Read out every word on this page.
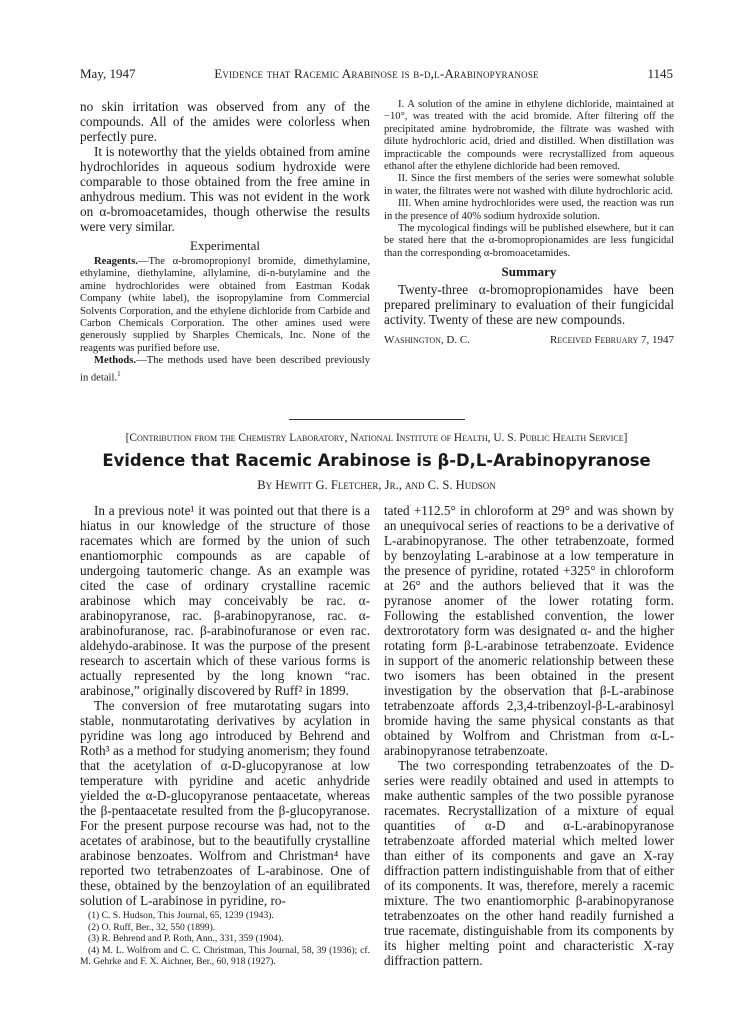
May, 1947	Evidence that Racemic Arabinose is β-d,l-Arabinopyranose	1145

no skin irritation was observed from any of the compounds. All of the amides were colorless when perfectly pure.

It is noteworthy that the yields obtained from amine hydrochlorides in aqueous sodium hydroxide were comparable to those obtained from the free amine in anhydrous medium. This was not evident in the work on α-bromoacetamides, though otherwise the results were very similar.

Experimental

Reagents.—The α-bromopropionyl bromide, dimethylamine, ethylamine, diethylamine, allylamine, di-n-butylamine and the amine hydrochlorides were obtained from Eastman Kodak Company (white label), the isopropylamine from Commercial Solvents Corporation, and the ethylene dichloride from Carbide and Carbon Chemicals Corporation. The other amines used were generously supplied by Sharples Chemicals, Inc. None of the reagents was purified before use.

Methods.—The methods used have been described previously in detail.$^1$

I. A solution of the amine in ethylene dichloride, maintained at −10°, was treated with the acid bromide. After filtering off the precipitated amine hydrobromide, the filtrate was washed with dilute hydrochloric acid, dried and distilled. When distillation was impracticable the compounds were recrystallized from aqueous ethanol after the ethylene dichloride had been removed.

II. Since the first members of the series were somewhat soluble in water, the filtrates were not washed with dilute hydrochloric acid.

III. When amine hydrochlorides were used, the reaction was run in the presence of 40% sodium hydroxide solution.

The mycological findings will be published elsewhere, but it can be stated here that the α-bromopropionamides are less fungicidal than the corresponding α-bromoacetamides.

Summary

Twenty-three α-bromopropionamides have been prepared preliminary to evaluation of their fungicidal activity. Twenty of these are new compounds.

Washington, D. C.	Received February 7, 1947
[Contribution from the Chemistry Laboratory, National Institute of Health, U. S. Public Health Service]
Evidence that Racemic Arabinose is β-D,L-Arabinopyranose
By Hewitt G. Fletcher, Jr., and C. S. Hudson

In a previous note¹ it was pointed out that there is a hiatus in our knowledge of the structure of those racemates which are formed by the union of such enantiomorphic compounds as are capable of undergoing tautomeric change. As an example was cited the case of ordinary crystalline racemic arabinose which may conceivably be rac. α-arabinopyranose, rac. β-arabinopyranose, rac. α-arabinofuranose, rac. β-arabinofuranose or even rac. aldehydo-arabinose. It was the purpose of the present research to ascertain which of these various forms is actually represented by the long known “rac. arabinose,” originally discovered by Ruff² in 1899.

The conversion of free mutarotating sugars into stable, nonmutarotating derivatives by acylation in pyridine was long ago introduced by Behrend and Roth³ as a method for studying anomerism; they found that the acetylation of α-D-glucopyranose at low temperature with pyridine and acetic anhydride yielded the α-D-glucopyranose pentaacetate, whereas the β-pentaacetate resulted from the β-glucopyranose. For the present purpose recourse was had, not to the acetates of arabinose, but to the beautifully crystalline arabinose benzoates. Wolfrom and Christman⁴ have reported two tetrabenzoates of L-arabinose. One of these, obtained by the benzoylation of an equilibrated solution of L-arabinose in pyridine, ro-

(1) C. S. Hudson, This Journal, 65, 1239 (1943).

(2) O. Ruff, Ber., 32, 550 (1899).

(3) R. Behrend and P. Roth, Ann., 331, 359 (1904).

(4) M. L. Wolfrom and C. C. Christman, This Journal, 58, 39 (1936); cf. M. Gehrke and F. X. Aichner, Ber., 60, 918 (1927).

tated +112.5° in chloroform at 29° and was shown by an unequivocal series of reactions to be a derivative of L-arabinopyranose. The other tetrabenzoate, formed by benzoylating L-arabinose at a low temperature in the presence of pyridine, rotated +325° in chloroform at 26° and the authors believed that it was the pyranose anomer of the lower rotating form. Following the established convention, the lower dextrorotatory form was designated α- and the higher rotating form β-L-arabinose tetrabenzoate. Evidence in support of the anomeric relationship between these two isomers has been obtained in the present investigation by the observation that β-L-arabinose tetrabenzoate affords 2,3,4-tribenzoyl-β-L-arabinosyl bromide having the same physical constants as that obtained by Wolfrom and Christman from α-L-arabinopyranose tetrabenzoate.

The two corresponding tetrabenzoates of the D-series were readily obtained and used in attempts to make authentic samples of the two possible pyranose racemates. Recrystallization of a mixture of equal quantities of α-D and α-L-arabinopyranose tetrabenzoate afforded material which melted lower than either of its components and gave an X-ray diffraction pattern indistinguishable from that of either of its components. It was, therefore, merely a racemic mixture. The two enantiomorphic β-arabinopyranose tetrabenzoates on the other hand readily furnished a true racemate, distinguishable from its components by its higher melting point and characteristic X-ray diffraction pattern.
